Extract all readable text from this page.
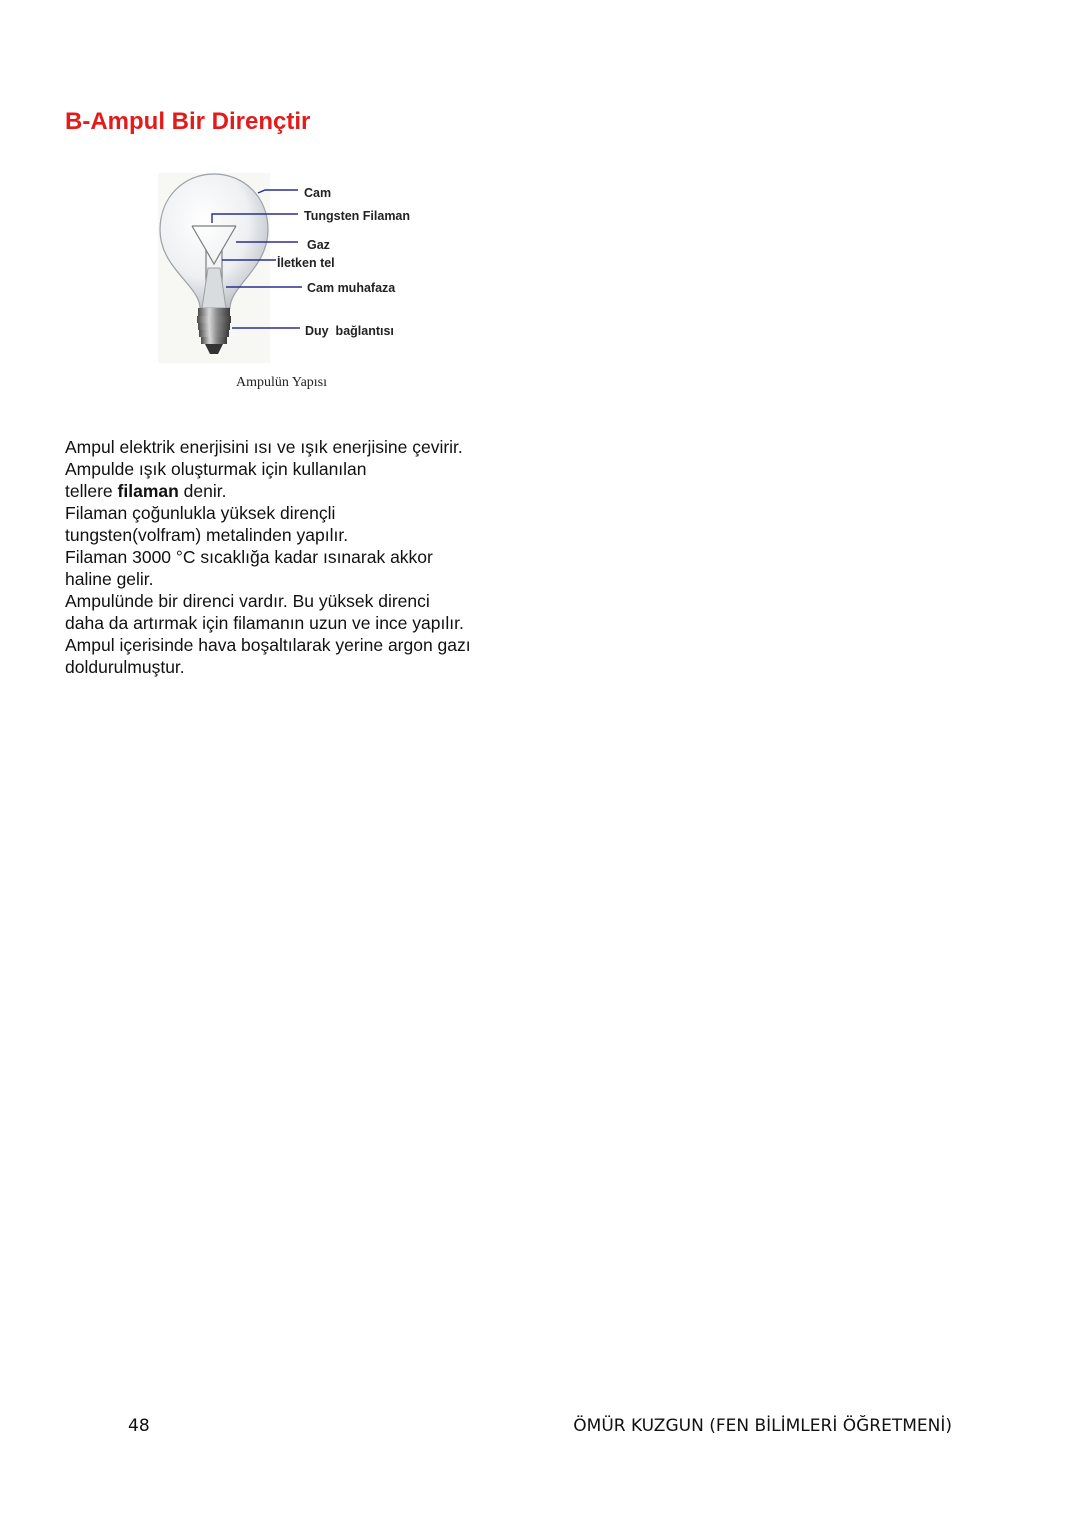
B-Ampul Bir Dirençtir
Cam
Tungsten Filaman
Gaz
İletken tel
Cam muhafaza
Duy  bağlantısı
Ampulün Yapısı

Ampul elektrik enerjisini ısı ve ışık enerjisine çevirir.

Ampulde ışık oluşturmak için kullanılan

tellere filaman denir.

Filaman çoğunlukla yüksek dirençli

tungsten(volfram) metalinden yapılır.

Filaman 3000 °C sıcaklığa kadar ısınarak akkor

haline gelir.

Ampulünde bir direnci vardır. Bu yüksek direnci

daha da artırmak için filamanın uzun ve ince yapılır.

Ampul içerisinde hava boşaltılarak yerine argon gazı

doldurulmuştur.

48	ÖMÜR KUZGUN (FEN BİLİMLERİ ÖĞRETMENİ)
